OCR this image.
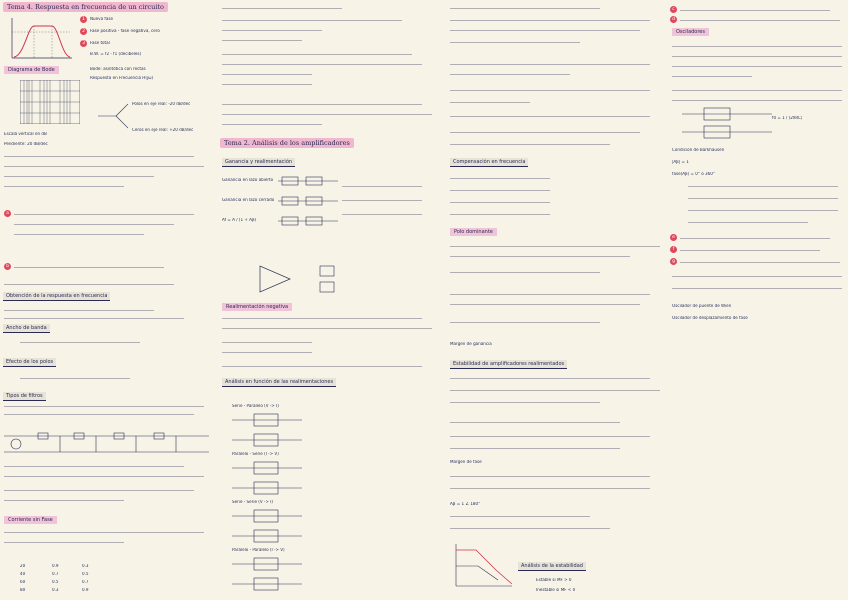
Tema 4. Respuesta en frecuencia de un circuito
1	Nueva fase
2	Fase positiva - fase negativa, cero
3	Fase total
B.W. = f2 - f1 (decibeles)
Diagrama de Bode	Bode: asintótica con rectas
Respuesta en Frecuencia H(jω)
Polos en eje real: -20 dB/dec
Ceros en eje real: +20 dB/dec
Escala vertical en dB
Pendiente: 20 dB/dec
a
b
Obtención de la respuesta en frecuencia
Ancho de banda
Efecto de los polos
Tipos de filtros
Corriente sin Fase
20	0.9	0.3
40	0.7	0.5
60	0.5	0.7
80	0.3	0.9
Tema 2. Análisis de los amplificadores
Ganancia y realimentación
Ganancia en lazo abierto
Ganancia en lazo cerrado
Af = A / (1 + Aβ)
Realimentación negativa
Análisis en función de las realimentaciones
Serie - Paralelo (V -> I)
Paralelo - Serie (I -> V)
Serie - Serie (V -> I)
Paralelo - Paralelo (I -> V)
Compensación en frecuencia
Polo dominante
Margen de ganancia
Estabilidad de amplificadores realimentados
Margen de fase
Aβ = 1 ∠ 180°
Análisis de la estabilidad
Estable si MF > 0
Inestable si MF < 0
c
d
Osciladores
f0 = 1 / (2πRC)
Condición de Barkhausen
|Aβ| = 1
fase(Aβ) = 0° o 360°
e
f
g
Oscilador de puente de Wien
Oscilador de desplazamiento de fase
